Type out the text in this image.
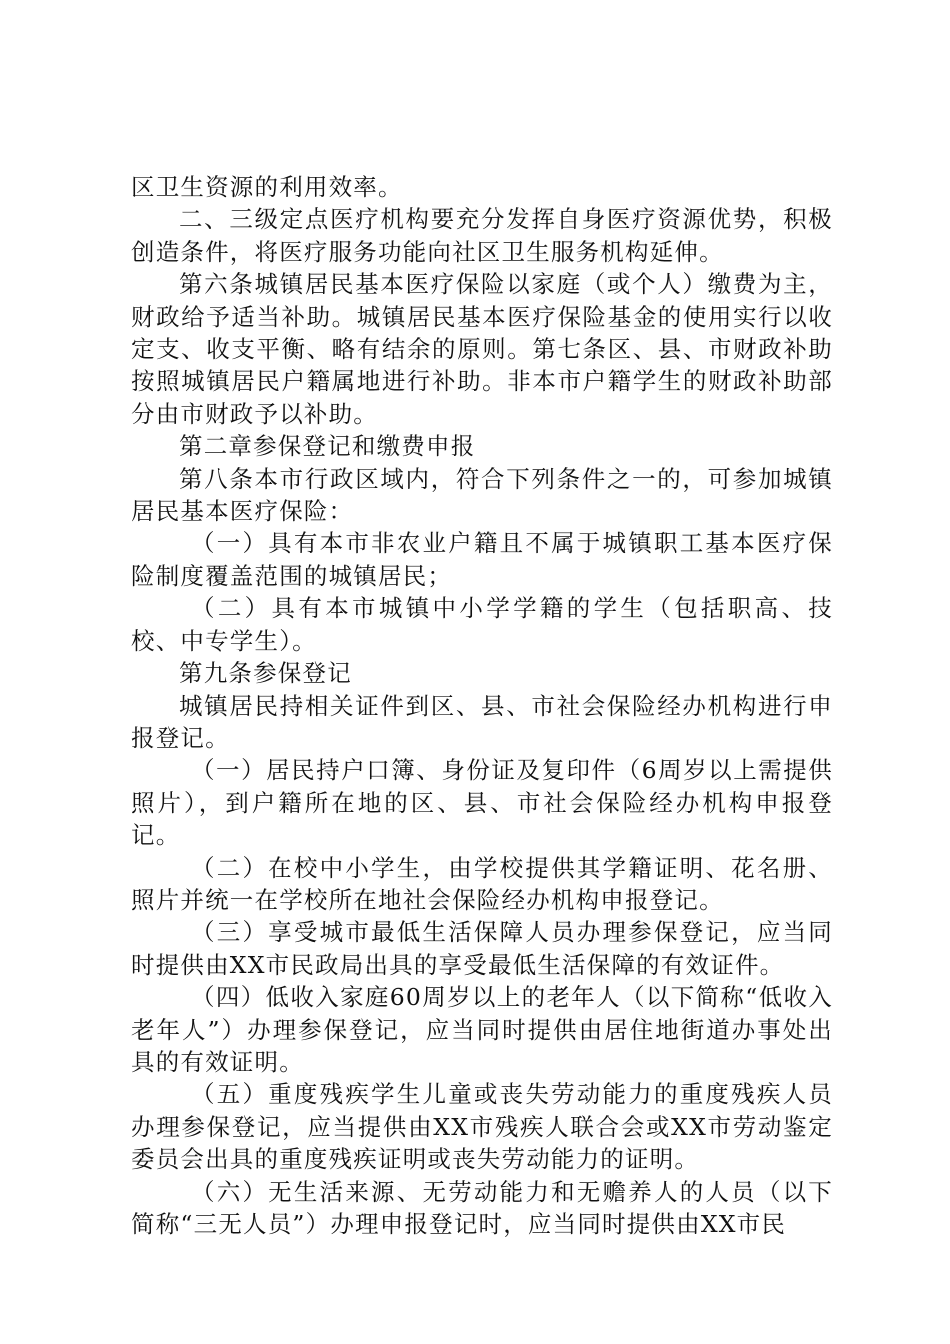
区卫生资源的利用效率。

二、三级定点医疗机构要充分发挥自身医疗资源优势，积极创造条件，将医疗服务功能向社区卫生服务机构延伸。

第六条城镇居民基本医疗保险以家庭（或个人）缴费为主，财政给予适当补助。城镇居民基本医疗保险基金的使用实行以收定支、收支平衡、略有结余的原则。第七条区、县、市财政补助按照城镇居民户籍属地进行补助。非本市户籍学生的财政补助部分由市财政予以补助。

第二章参保登记和缴费申报

第八条本市行政区域内，符合下列条件之一的，可参加城镇居民基本医疗保险：

（一）具有本市非农业户籍且不属于城镇职工基本医疗保险制度覆盖范围的城镇居民；

（二）具有本市城镇中小学学籍的学生（包括职高、技校、中专学生）。

第九条参保登记

城镇居民持相关证件到区、县、市社会保险经办机构进行申报登记。

（一）居民持户口簿、身份证及复印件（6周岁以上需提供照片），到户籍所在地的区、县、市社会保险经办机构申报登记。

（二）在校中小学生，由学校提供其学籍证明、花名册、照片并统一在学校所在地社会保险经办机构申报登记。

（三）享受城市最低生活保障人员办理参保登记，应当同时提供由XX市民政局出具的享受最低生活保障的有效证件。

（四）低收入家庭60周岁以上的老年人（以下简称“低收入老年人”）办理参保登记，应当同时提供由居住地街道办事处出具的有效证明。

（五）重度残疾学生儿童或丧失劳动能力的重度残疾人员办理参保登记，应当提供由XX市残疾人联合会或XX市劳动鉴定委员会出具的重度残疾证明或丧失劳动能力的证明。

（六）无生活来源、无劳动能力和无赡养人的人员（以下简称“三无人员”）办理申报登记时，应当同时提供由XX市民
